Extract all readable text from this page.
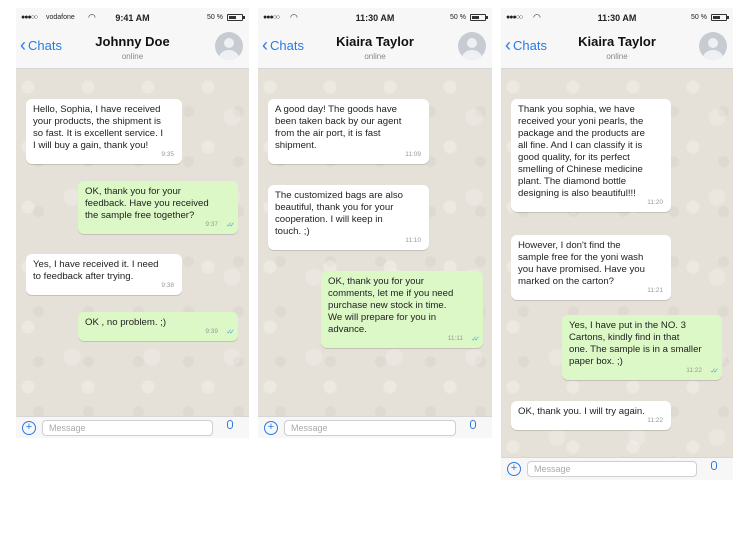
●●●○○ vodafone ◠	9:41 AM	50 %
‹ Chats	Johnny Doe
online
Hello, Sophia, I have received
your products, the shipment is
so fast. It is excellent service. I
I will buy a gain, thank you!
9:35
OK, thank you for your
feedback. Have you received
the sample free together?
9:37 ✓✓
Yes, I have received it. I need
to feedback after trying.
9:38
OK , no problem. ;)
9:39 ✓✓
+
Message
●●●○○ ◠	11:30 AM	50 %
‹ Chats	Kiaira Taylor
online
A good day! The goods have
been taken back by our agent
from the air port, it is fast
shipment.
11:09
The customized bags are also
beautiful, thank you for your
cooperation. I will keep in
touch. ;)
11:10
OK, thank you for your
comments, let me if you need
purchase new stock in time.
We will prepare for you in
advance.
11:11 ✓✓
+
Message
●●●○○ ◠	11:30 AM	50 %
‹ Chats	Kiaira Taylor
online
Thank you sophia, we have
received your yoni pearls, the
package and the products are
all fine. And I can classify it is
good quality, for its perfect
smelling of Chinese medicine
plant. The diamond bottle
designing is also beautiful!!!
11:20
However, I don't find the
sample free for the yoni wash
you have promised. Have you
marked on the carton?
11:21
Yes, I have put in the NO. 3
Cartons, kindly find in that
one. The sample is in a smaller
paper box. ;)
11:22 ✓✓
OK, thank you. I will try again.
11:22
+
Message
